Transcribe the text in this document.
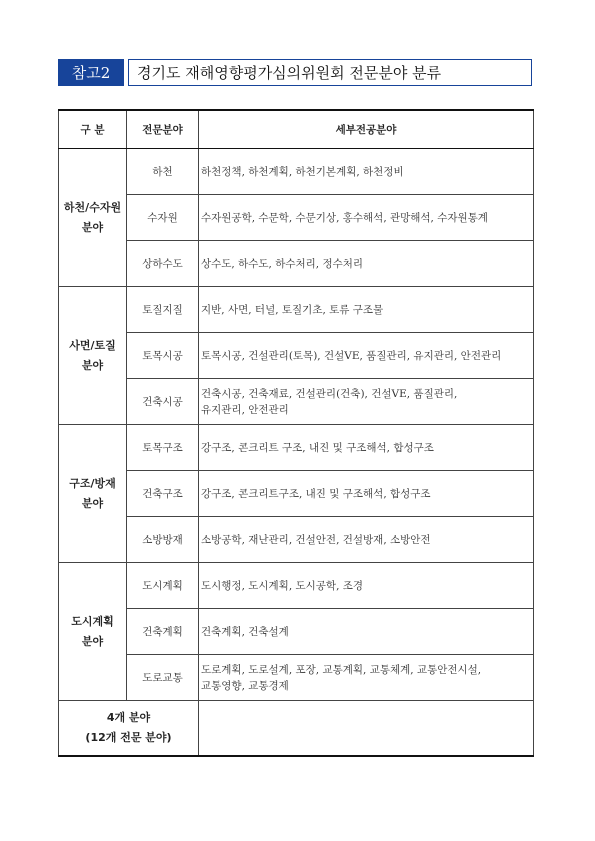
참고2	경기도 재해영향평가심의위원회 전문분야 분류
구 분	전문분야	세부전공분야

하천/수자원
분야	하천	하천정책, 하천계획, 하천기본계획, 하천정비

	수자원	수자원공학, 수문학, 수문기상, 홍수해석, 관망해석, 수자원통계

	상하수도	상수도, 하수도, 하수처리, 정수처리

사면/토질
분야	토질지질	지반, 사면, 터널, 토질기초, 토류 구조물

	토목시공	토목시공, 건설관리(토목), 건설VE, 품질관리, 유지관리, 안전관리

	건축시공	건축시공, 건축재료, 건설관리(건축), 건설VE, 품질관리,
유지관리, 안전관리

구조/방재
분야	토목구조	강구조, 콘크리트 구조, 내진 및 구조해석, 합성구조

	건축구조	강구조, 콘크리트구조, 내진 및 구조해석, 합성구조

	소방방재	소방공학, 재난관리, 건설안전, 건설방재, 소방안전

도시계획
분야	도시계획	도시행정, 도시계획, 도시공학, 조경

	건축계획	건축계획, 건축설계

	도로교통	도로계획, 도로설계, 포장, 교통계획, 교통체계, 교통안전시설,
교통영향, 교통경제

4개 분야
(12개 전문 분야)		
